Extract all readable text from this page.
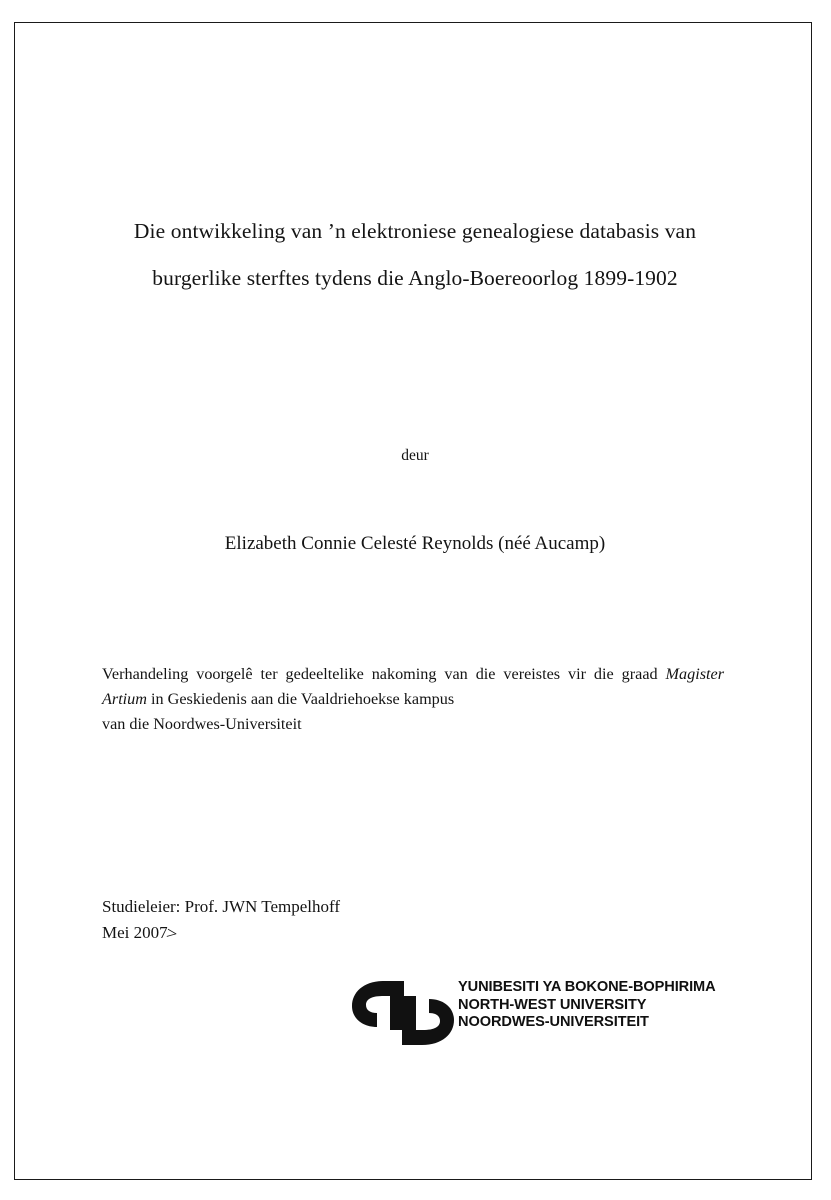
Die ontwikkeling van ’n elektroniese genealogiese databasis van
burgerlike sterftes tydens die Anglo-Boereoorlog 1899-1902
deur
Elizabeth Connie Celesté Reynolds (néé Aucamp)
Verhandeling voorgelê ter gedeeltelike nakoming van die vereistes vir die graad Magister Artium in Geskiedenis aan die Vaaldriehoekse kampus
van die Noordwes-Universiteit
Studieleier: Prof. JWN Tempelhoff
Mei 2007
>
YUNIBESITI YA BOKONE-BOPHIRIMA
NORTH-WEST UNIVERSITY
NOORDWES-UNIVERSITEIT
